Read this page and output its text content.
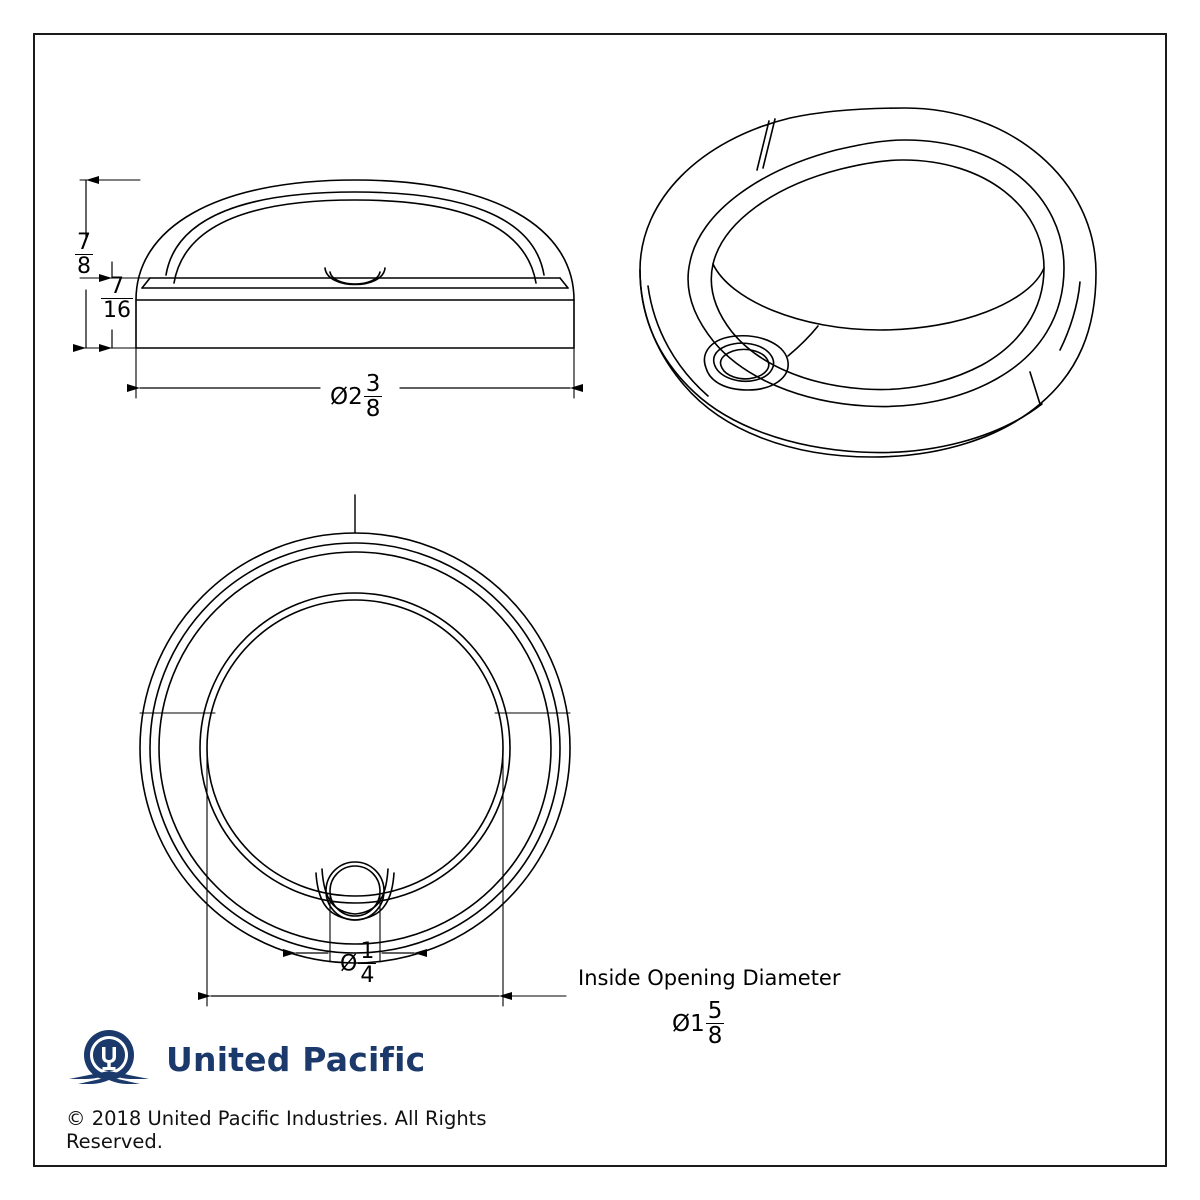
$\frac{7}{8}$
$\frac{7}{16}$
Ø2 $\frac{3}{8}$
Ø $\frac{1}{4}$	Inside Opening Diameter
Ø1 $\frac{5}{8}$
United Pacific
© 2018 United Pacific Industries. All Rights Reserved.
